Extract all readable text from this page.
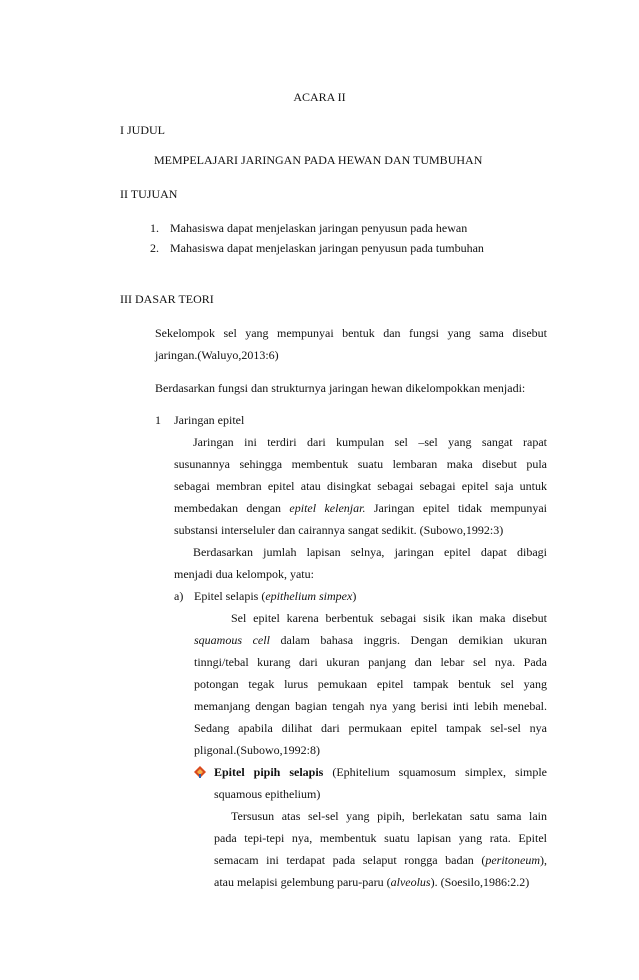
ACARA II
I JUDUL
MEMPELAJARI JARINGAN PADA HEWAN DAN TUMBUHAN
II TUJUAN
1. Mahasiswa dapat menjelaskan jaringan penyusun pada hewan
2. Mahasiswa dapat menjelaskan jaringan penyusun pada tumbuhan
III DASAR TEORI
Sekelompok sel yang mempunyai bentuk dan fungsi yang sama disebut
jaringan.(Waluyo,2013:6)
Berdasarkan fungsi dan strukturnya jaringan hewan dikelompokkan menjadi:
1 Jaringan epitel
Jaringan ini terdiri dari kumpulan sel –sel yang sangat rapat
susunannya sehingga membentuk suatu lembaran maka disebut pula
sebagai membran epitel atau disingkat sebagai sebagai epitel saja untuk
membedakan dengan epitel kelenjar. Jaringan epitel tidak mempunyai
substansi interseluler dan cairannya sangat sedikit. (Subowo,1992:3)
Berdasarkan jumlah lapisan selnya, jaringan epitel dapat dibagi
menjadi dua kelompok, yatu:
a) Epitel selapis (epithelium simpex)
Sel epitel karena berbentuk sebagai sisik ikan maka disebut
squamous cell dalam bahasa inggris. Dengan demikian ukuran
tinngi/tebal kurang dari ukuran panjang dan lebar sel nya. Pada
potongan tegak lurus pemukaan epitel tampak bentuk sel yang
memanjang dengan bagian tengah nya yang berisi inti lebih menebal.
Sedang apabila dilihat dari permukaan epitel tampak sel-sel nya
pligonal.(Subowo,1992:8)
Epitel pipih selapis (Ephitelium squamosum simplex, simple
squamous epithelium)
Tersusun atas sel-sel yang pipih, berlekatan satu sama lain
pada tepi-tepi nya, membentuk suatu lapisan yang rata. Epitel
semacam ini terdapat pada selaput rongga badan (peritoneum),
atau melapisi gelembung paru-paru (alveolus). (Soesilo,1986:2.2)
